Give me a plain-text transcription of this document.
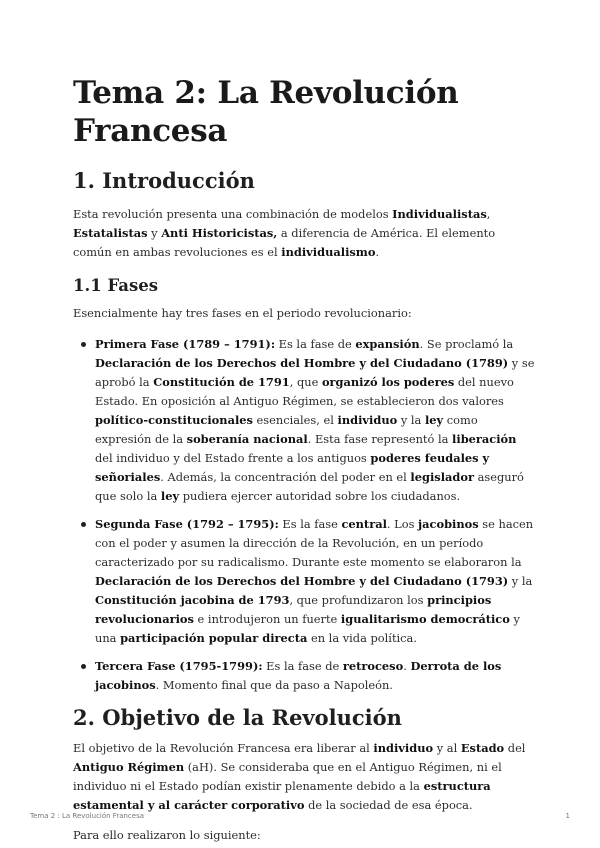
Tema 2: La Revolución Francesa
1. Introducción

Esta revolución presenta una combinación de modelos Individualistas, Estatalistas y Anti Historicistas, a diferencia de América. El elemento común en ambas revoluciones es el individualismo.

1.1 Fases

Esencialmente hay tres fases en el periodo revolucionario:

Primera Fase (1789 – 1791): Es la fase de expansión. Se proclamó la Declaración de los Derechos del Hombre y del Ciudadano (1789) y se aprobó la Constitución de 1791, que organizó los poderes del nuevo Estado. En oposición al Antiguo Régimen, se establecieron dos valores político-constitucionales esenciales, el individuo y la ley como expresión de la soberanía nacional. Esta fase representó la liberación del individuo y del Estado frente a los antiguos poderes feudales y señoriales. Además, la concentración del poder en el legislador aseguró que solo la ley pudiera ejercer autoridad sobre los ciudadanos.
Segunda Fase (1792 – 1795): Es la fase central. Los jacobinos se hacen con el poder y asumen la dirección de la Revolución, en un período caracterizado por su radicalismo. Durante este momento se elaboraron la Declaración de los Derechos del Hombre y del Ciudadano (1793) y la Constitución jacobina de 1793, que profundizaron los principios revolucionarios e introdujeron un fuerte igualitarismo democrático y una participación popular directa en la vida política.
Tercera Fase (1795-1799): Es la fase de retroceso. Derrota de los jacobinos. Momento final que da paso a Napoleón.
2. Objetivo de la Revolución

El objetivo de la Revolución Francesa era liberar al individuo y al Estado del Antiguo Régimen (aH). Se consideraba que en el Antiguo Régimen, ni el individuo ni el Estado podían existir plenamente debido a la estructura estamental y al carácter corporativo de la sociedad de esa época.

Para ello realizaron lo siguiente:

Tema 2 : La Revolución Francesa	1
